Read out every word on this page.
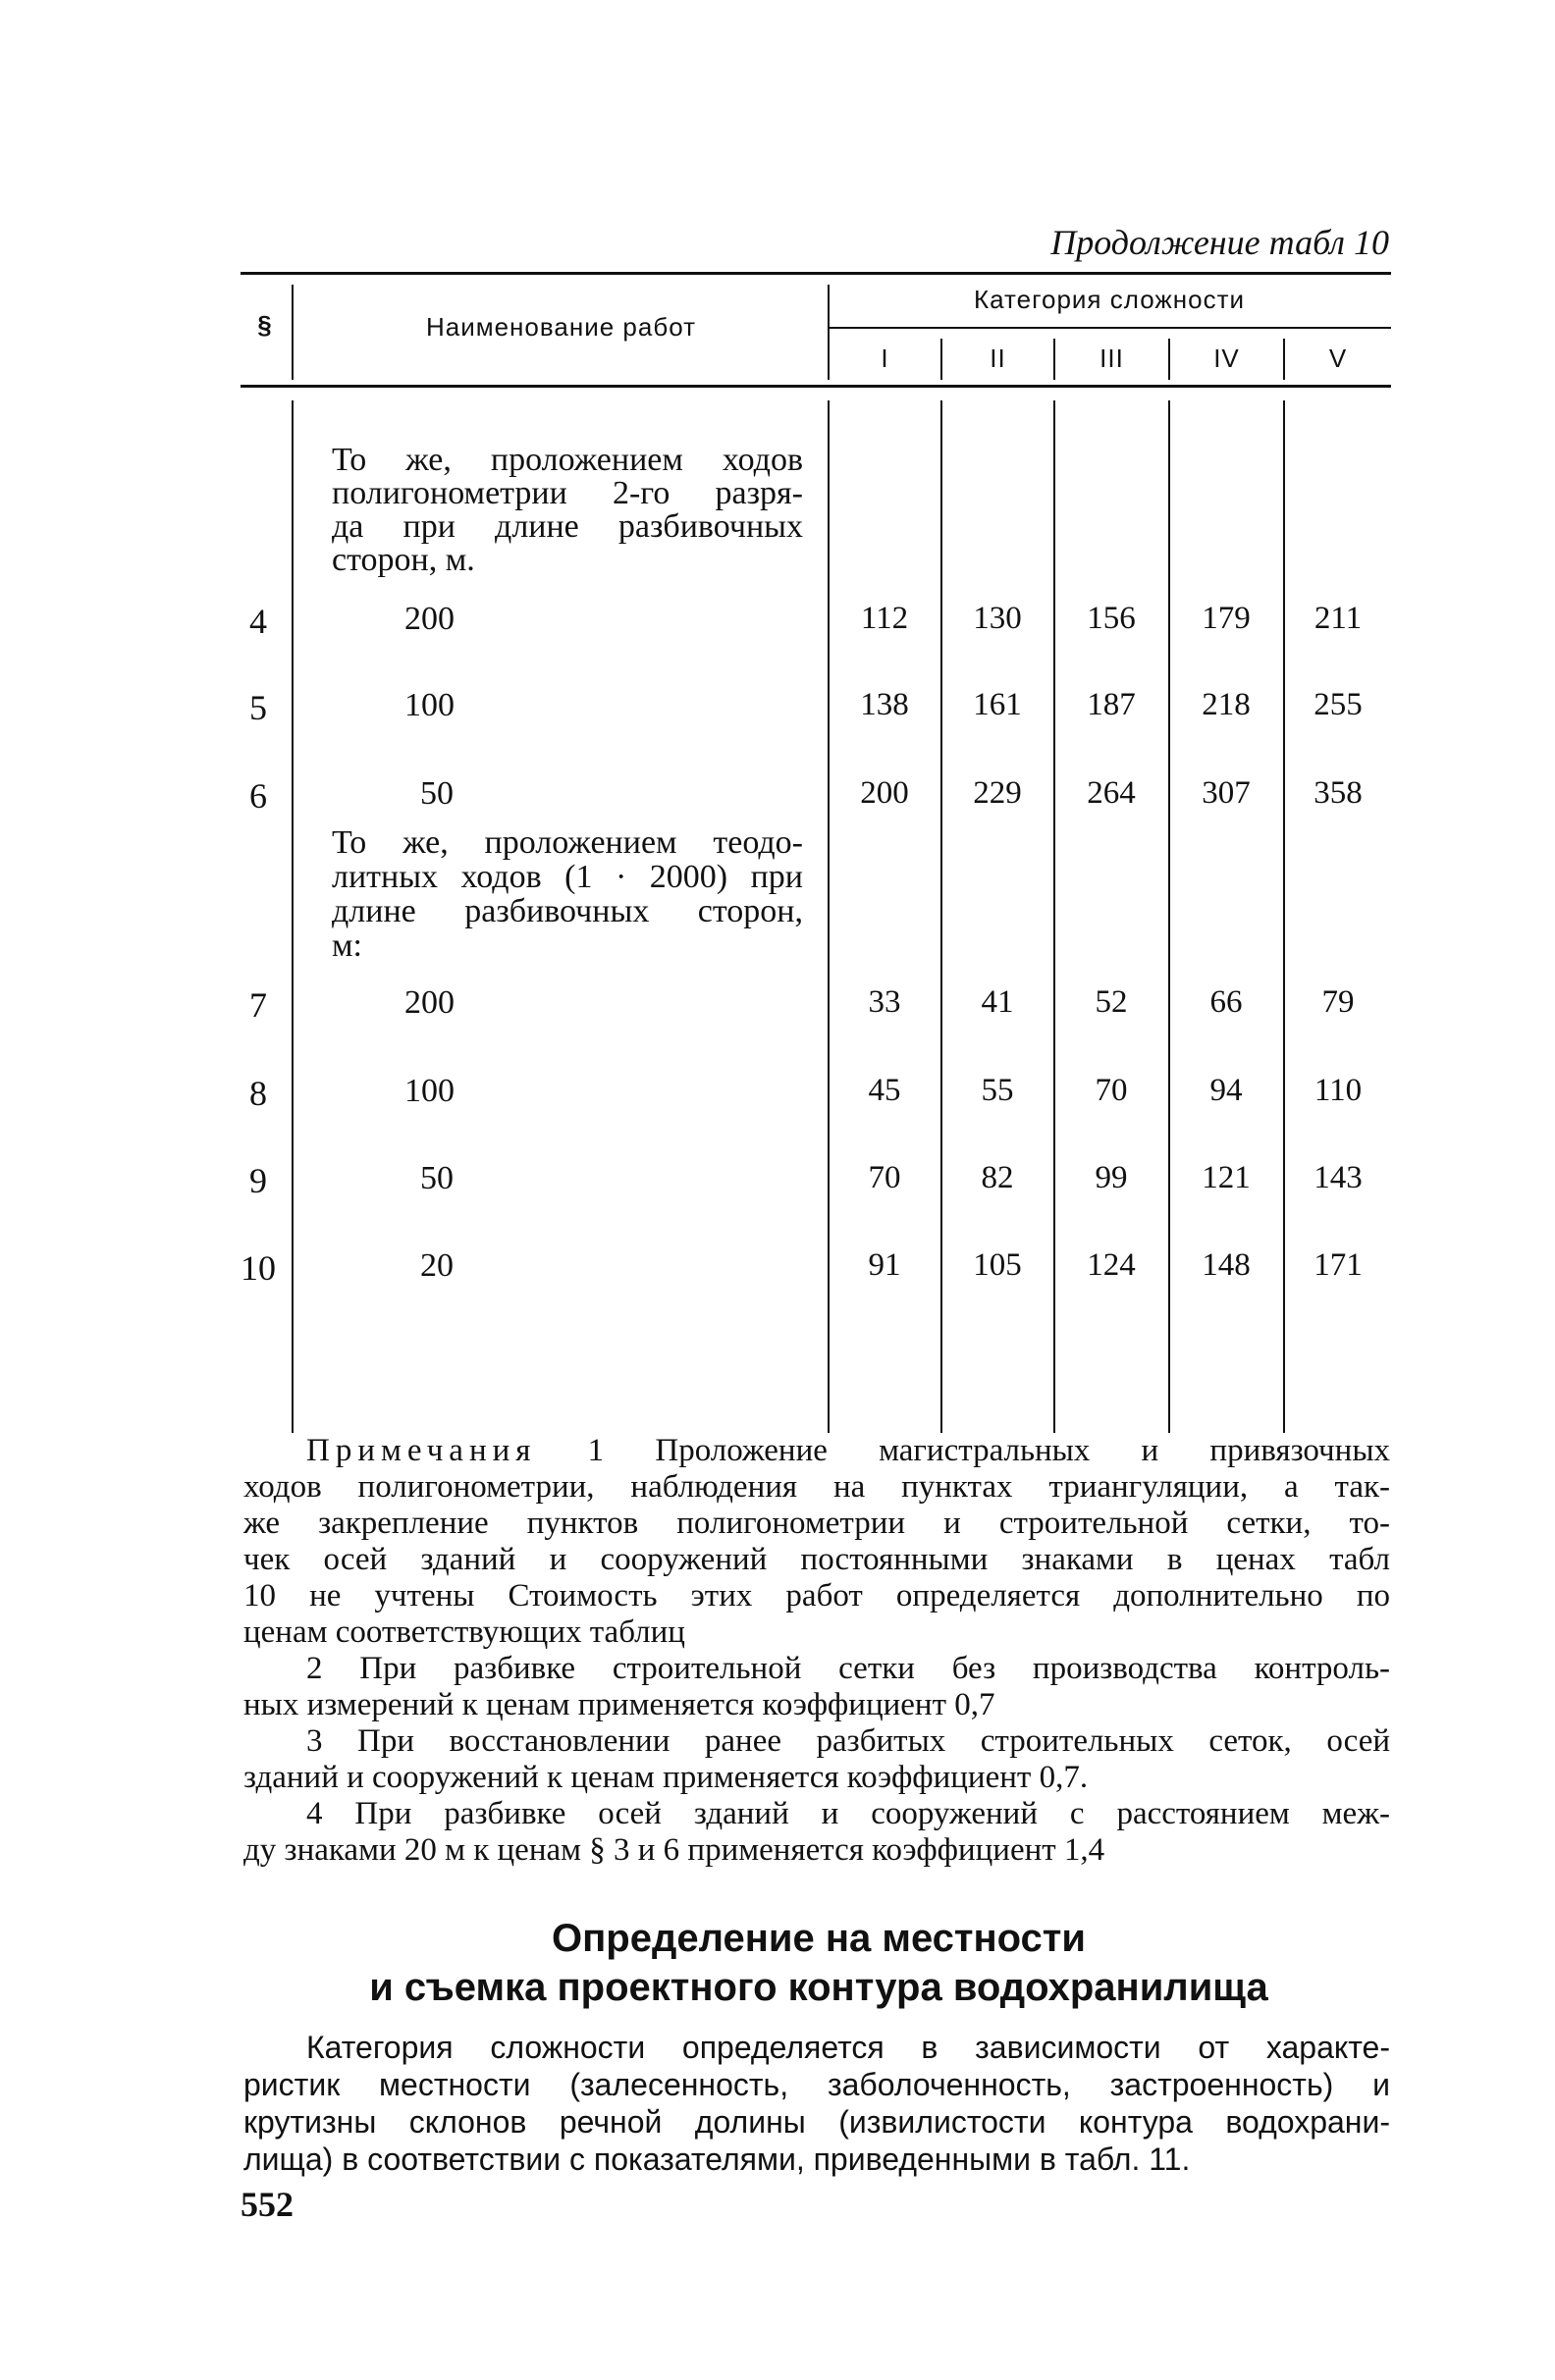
Продолжение табл 10
§	Наименование работ
Категория сложности
I	II	III	IV	V
То же, проложением ходов
полигонометрии 2-го разря-
да при длине разбивочных
сторон, м.
То же, проложением теодо-
литных ходов (1 · 2000) при
длине разбивочных сторон,
м:
4	200	112	130	156	179	211
5	100	138	161	187	218	255
6	50	200	229	264	307	358
7	200	33	41	52	66	79
8	100	45	55	70	94	110
9	50	70	82	99	121	143
10	20	91	105	124	148	171

Примечания 1 Проложение магистральных и привязочных

ходов полигонометрии, наблюдения на пунктах триангуляции, а так-

же закрепление пунктов полигонометрии и строительной сетки, то-

чек осей зданий и сооружений постоянными знаками в ценах табл

10 не учтены Стоимость этих работ определяется дополнительно по

ценам соответствующих таблиц

2 При разбивке строительной сетки без производства контроль-

ных измерений к ценам применяется коэффициент 0,7

3 При восстановлении ранее разбитых строительных сеток, осей

зданий и сооружений к ценам применяется коэффициент 0,7.

4 При разбивке осей зданий и сооружений с расстоянием меж-

ду знаками 20 м к ценам § 3 и 6 применяется коэффициент 1,4

Определение на местности
и съемка проектного контура водохранилища

Категория сложности определяется в зависимости от характе-

ристик местности (залесенность, заболоченность, застроенность) и

крутизны склонов речной долины (извилистости контура водохрани-

лища) в соответствии с показателями, приведенными в табл. 11.

552
